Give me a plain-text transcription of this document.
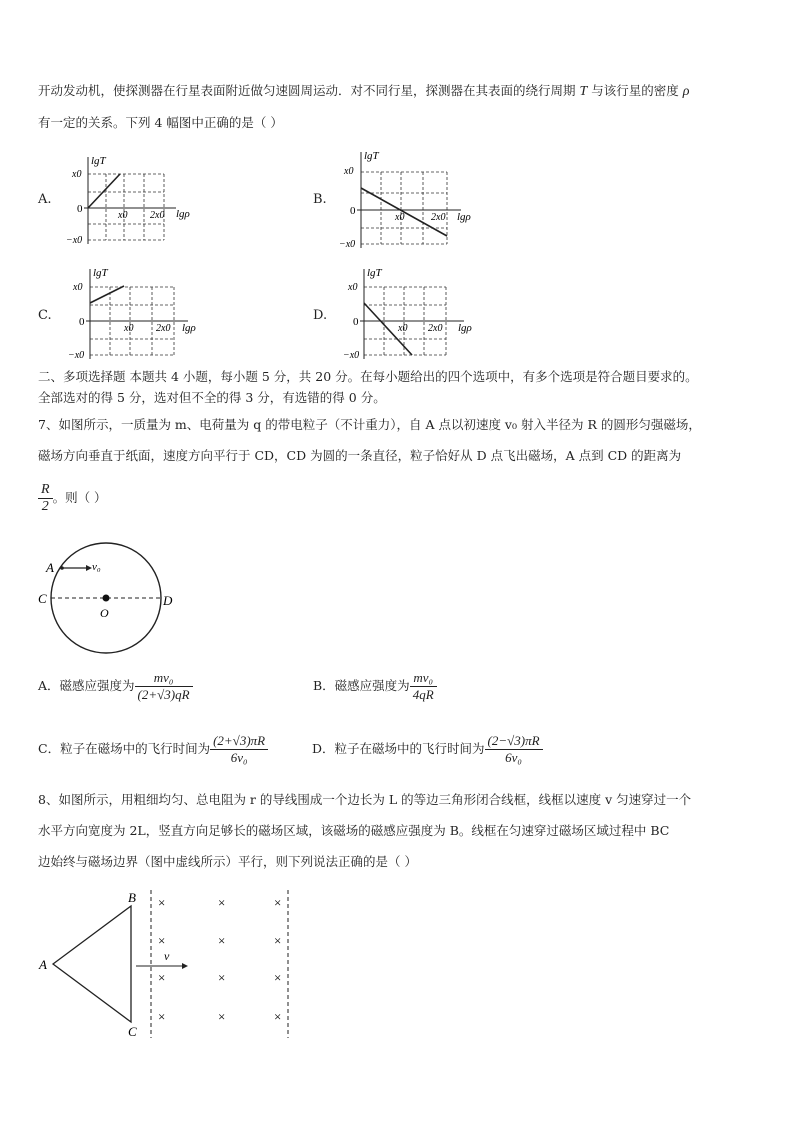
开动发动机，使探测器在行星表面附近做匀速圆周运动．对不同行星，探测器在其表面的绕行周期 T 与该行星的密度 ρ
有一定的关系。下列 4 幅图中正确的是（ ）
A.	B.
C.	D.
lgT
lgρ
x0
0
−x0
x0 2x0
lgT
lgρ
x0
0
−x0
x0	2x0
lgT
lgρ
x0
0
−x0
x0 2x0
lgT
lgρ
x0
0
−x0
x0 2x0
二、多项选择题 本题共 4 小题，每小题 5 分，共 20 分。在每小题给出的四个选项中，有多个选项是符合题目要求的。
全部选对的得 5 分，选对但不全的得 3 分，有选错的得 0 分。
7、如图所示，一质量为 m、电荷量为 q 的带电粒子（不计重力），自 A 点以初速度 v₀ 射入半径为 R 的圆形匀强磁场，
磁场方向垂直于纸面，速度方向平行于 CD，CD 为圆的一条直径，粒子恰好从 D 点飞出磁场，A 点到 CD 的距离为
$\frac{R}{2}$ 。则（ ）
A
C	D
O
v₀
A．磁感应强度为 $\frac{\text{mv₀}}{(2+√3)qR}$	B．磁感应强度为 $\frac{\text{mv₀}}{4qR}$
C．粒子在磁场中的飞行时间为 $\frac{(2+√3)\pi R}{\text{6v₀}}$	D．粒子在磁场中的飞行时间为 $\frac{(2-√3)\pi R}{\text{6v₀}}$
8、如图所示，用粗细均匀、总电阻为 r 的导线围成一个边长为 L 的等边三角形闭合线框，线框以速度 v 匀速穿过一个
水平方向宽度为 2L，竖直方向足够长的磁场区域，该磁场的磁感应强度为 B。线框在匀速穿过磁场区域过程中 BC
边始终与磁场边界（图中虚线所示）平行，则下列说法正确的是（ ）
A
B
C
v
×	×	×
×	×	×
×	×	×
×	×	×
